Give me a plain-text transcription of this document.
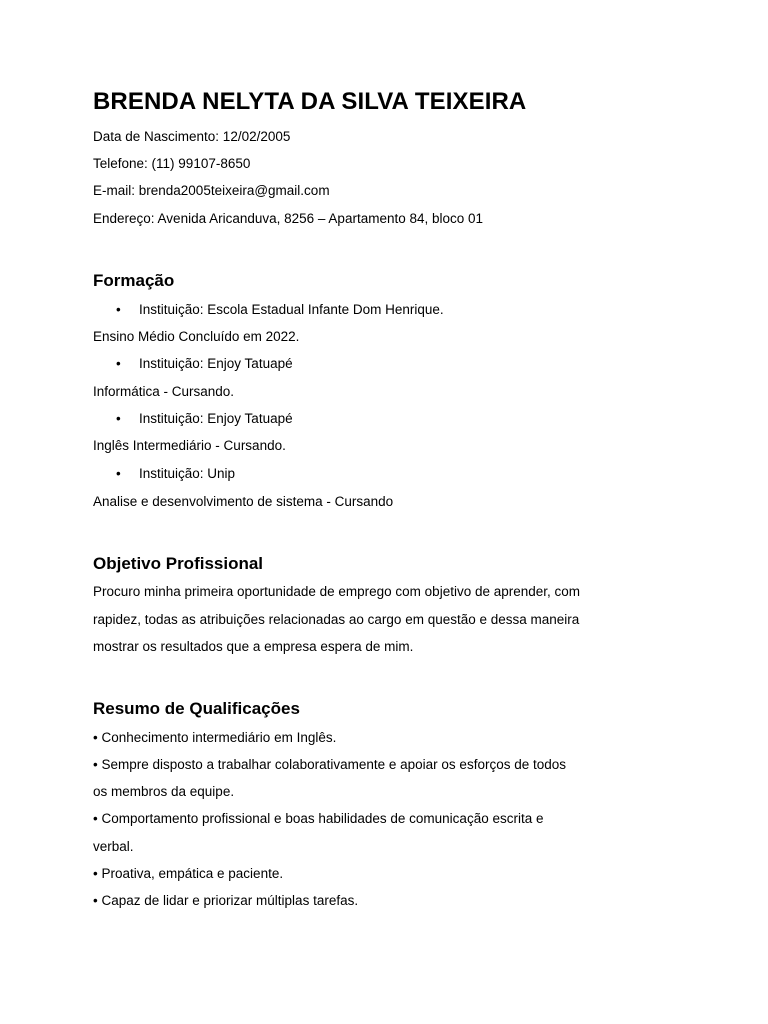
BRENDA NELYTA DA SILVA TEIXEIRA
Data de Nascimento: 12/02/2005
Telefone: (11) 99107-8650
E-mail: brenda2005teixeira@gmail.com
Endereço: Avenida Aricanduva, 8256 – Apartamento 84, bloco 01
Formação
• Instituição: Escola Estadual Infante Dom Henrique.
Ensino Médio Concluído em 2022.
• Instituição: Enjoy Tatuapé
Informática - Cursando.
• Instituição: Enjoy Tatuapé
Inglês Intermediário - Cursando.
• Instituição: Unip
Analise e desenvolvimento de sistema - Cursando
Objetivo Profissional
Procuro minha primeira oportunidade de emprego com objetivo de aprender, com
rapidez, todas as atribuições relacionadas ao cargo em questão e dessa maneira
mostrar os resultados que a empresa espera de mim.
Resumo de Qualificações
• Conhecimento intermediário em Inglês.
• Sempre disposto a trabalhar colaborativamente e apoiar os esforços de todos
os membros da equipe.
• Comportamento profissional e boas habilidades de comunicação escrita e
verbal.
• Proativa, empática e paciente.
• Capaz de lidar e priorizar múltiplas tarefas.
